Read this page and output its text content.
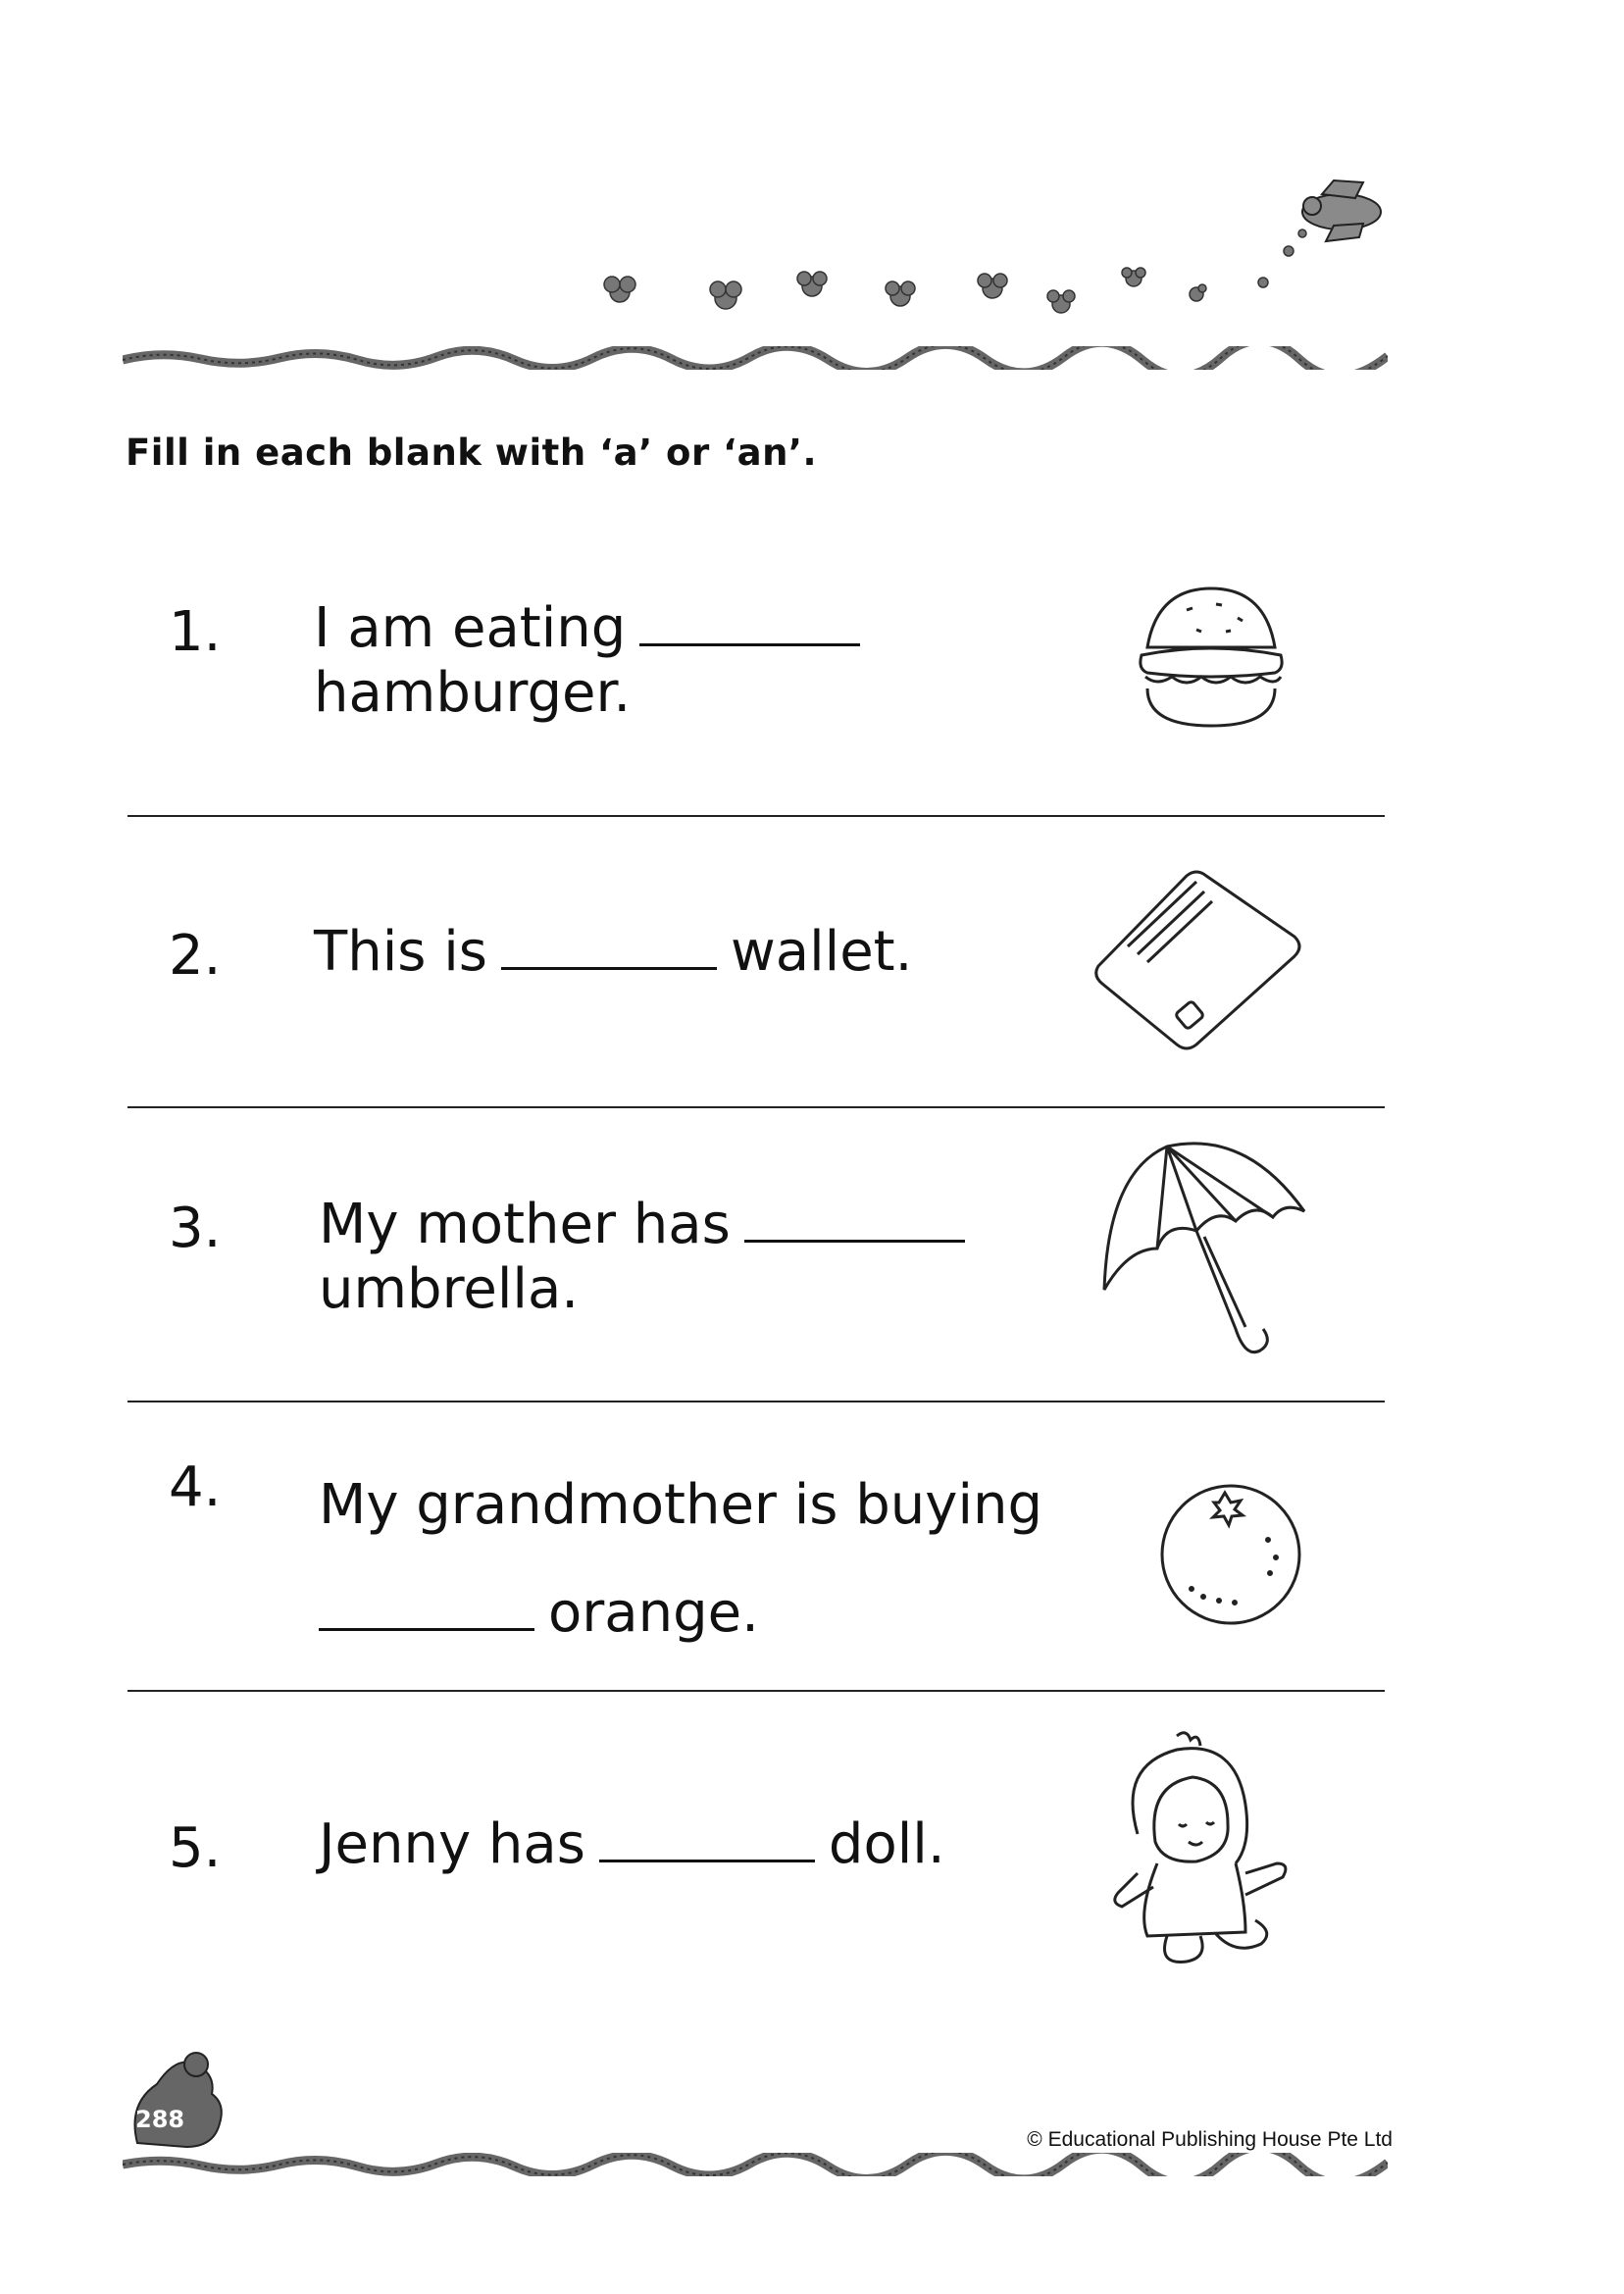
Fill in each blank with ‘a’ or ‘an’.
1. I am eating
hamburger.
2. This is	wallet.
3. My mother has
umbrella.
4. My grandmother is buying
orange.
5. Jenny has	doll.
288
© Educational Publishing House Pte Ltd
